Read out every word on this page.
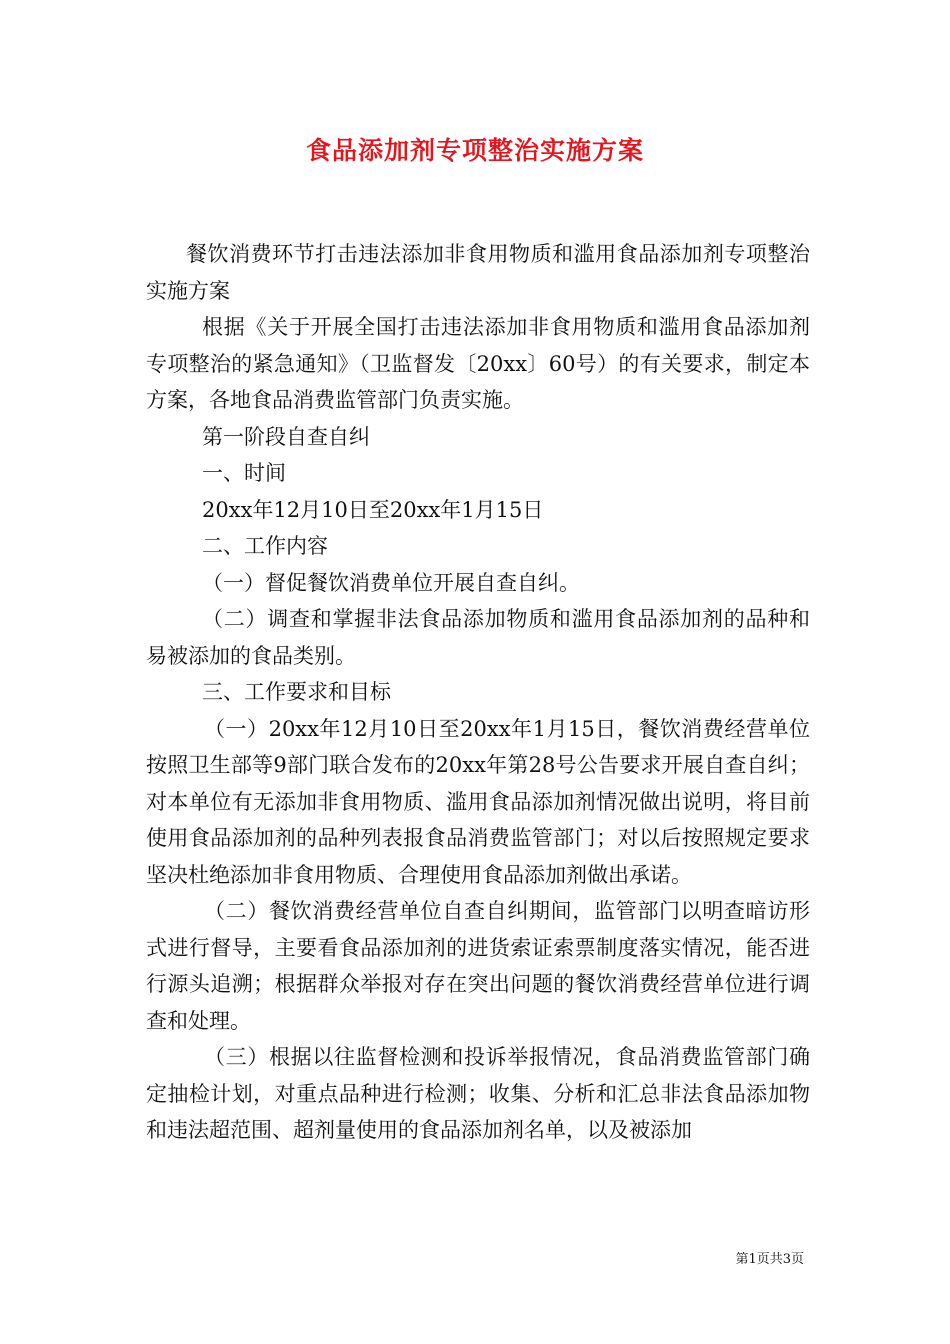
食品添加剂专项整治实施方案

餐饮消费环节打击违法添加非食用物质和滥用食品添加剂专项整治实施方案

根据《关于开展全国打击违法添加非食用物质和滥用食品添加剂专项整治的紧急通知》（卫监督发〔20xx〕60号）的有关要求，制定本方案，各地食品消费监管部门负责实施。

第一阶段自查自纠

一、时间

20xx年12月10日至20xx年1月15日

二、工作内容

（一）督促餐饮消费单位开展自查自纠。

（二）调查和掌握非法食品添加物质和滥用食品添加剂的品种和易被添加的食品类别。

三、工作要求和目标

（一）20xx年12月10日至20xx年1月15日，餐饮消费经营单位按照卫生部等9部门联合发布的20xx年第28号公告要求开展自查自纠；对本单位有无添加非食用物质、滥用食品添加剂情况做出说明，将目前使用食品添加剂的品种列表报食品消费监管部门；对以后按照规定要求坚决杜绝添加非食用物质、合理使用食品添加剂做出承诺。

（二）餐饮消费经营单位自查自纠期间，监管部门以明查暗访形式进行督导，主要看食品添加剂的进货索证索票制度落实情况，能否进行源头追溯；根据群众举报对存在突出问题的餐饮消费经营单位进行调查和处理。

（三）根据以往监督检测和投诉举报情况，食品消费监管部门确定抽检计划，对重点品种进行检测；收集、分析和汇总非法食品添加物和违法超范围、超剂量使用的食品添加剂名单，以及被添加

第1页共3页
